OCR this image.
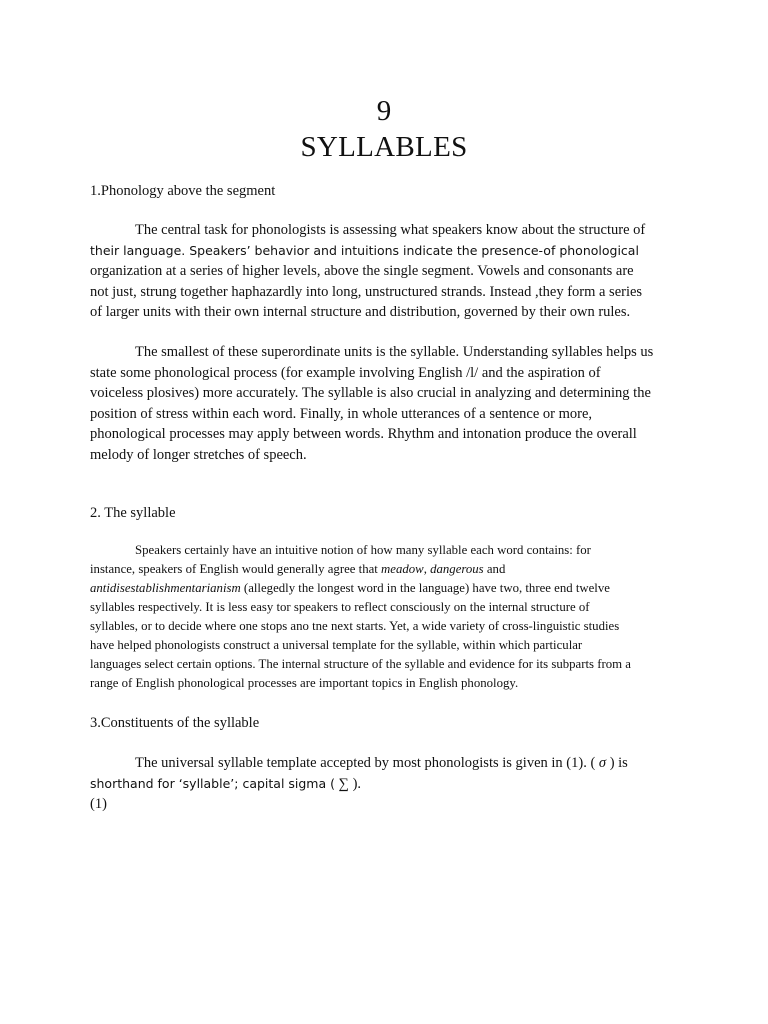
9
SYLLABLES
1.Phonology above the segment
The central task for phonologists is assessing what speakers know about the structure of
their language. Speakers’ behavior and intuitions indicate the presence-of phonological
organization at a series of higher levels, above the single segment. Vowels and consonants are
not just, strung together haphazardly into long, unstructured strands. Instead ,they form a series
of larger units with their own internal structure and distribution, governed by their own rules.
The smallest of these superordinate units is the syllable. Understanding syllables helps us
state some phonological process (for example involving English /l/ and the aspiration of
voiceless plosives) more accurately. The syllable is also crucial in analyzing and determining the
position of stress within each word. Finally, in whole utterances of a sentence or more,
phonological processes may apply between words. Rhythm and intonation produce the overall
melody of longer stretches of speech.
2. The syllable
Speakers certainly have an intuitive notion of how many syllable each word contains: for
instance, speakers of English would generally agree that meadow, dangerous and
antidisestablishmentarianism (allegedly the longest word in the language) have two, three end twelve
syllables respectively. It is less easy tor speakers to reflect consciously on the internal structure of
syllables, or to decide where one stops ano tne next starts. Yet, a wide variety of cross-linguistic studies
have helped phonologists construct a universal template for the syllable, within which particular
languages select certain options. The internal structure of the syllable and evidence for its subparts from a
range of English phonological processes are important topics in English phonology.
3.Constituents of the syllable
The universal syllable template accepted by most phonologists is given in (1). ( σ ) is
shorthand for ‘syllable’; capital sigma ( ∑ ).
(1)
